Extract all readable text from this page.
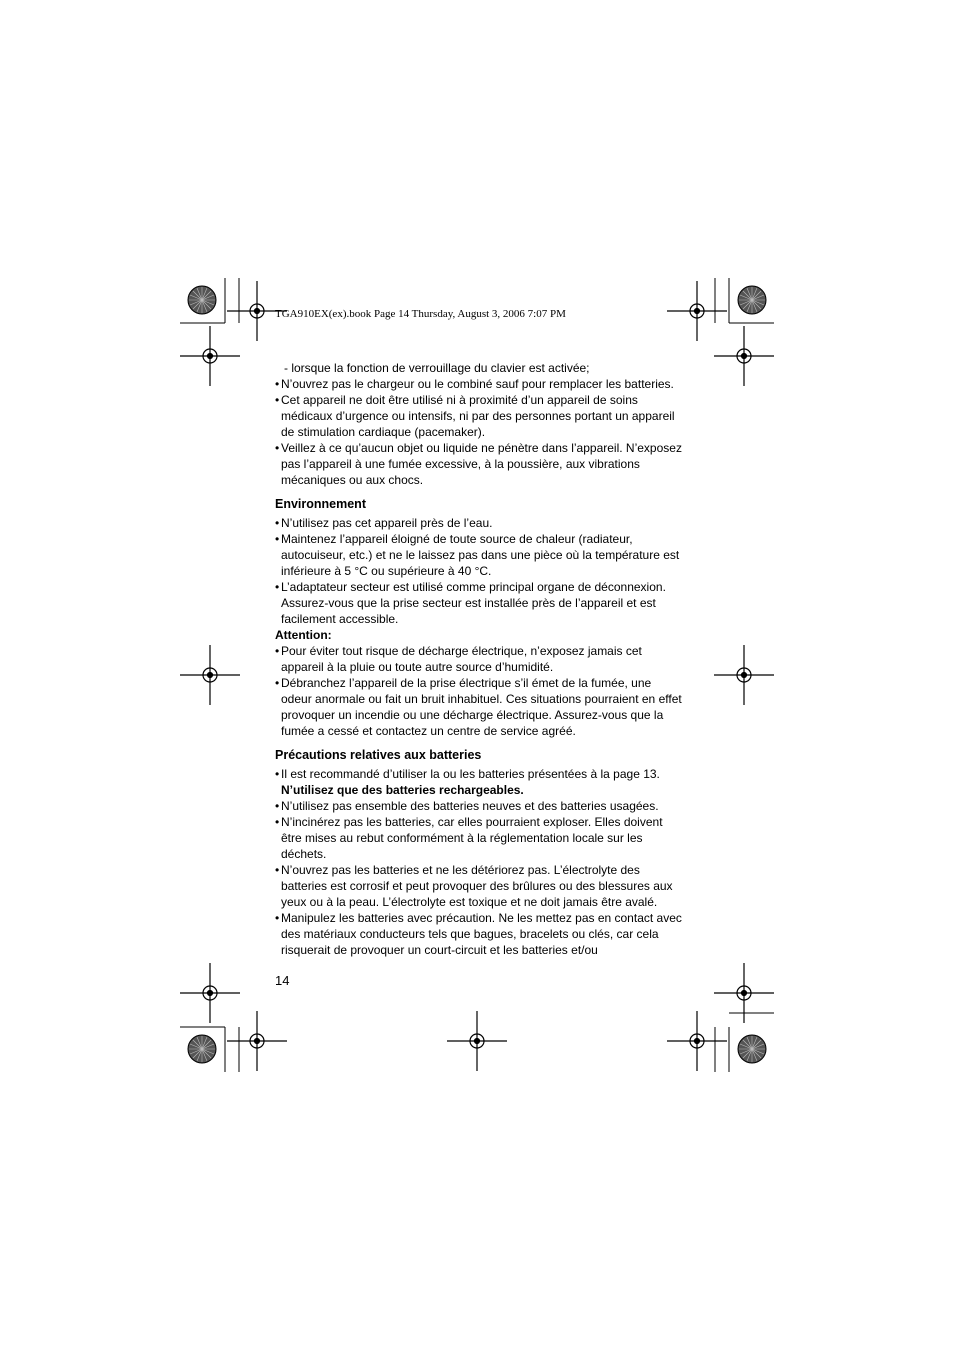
TGA910EX(ex).book Page 14 Thursday, August 3, 2006 7:07 PM
- lorsque la fonction de verrouillage du clavier est activée;
• N’ouvrez pas le chargeur ou le combiné sauf pour remplacer les batteries.
• Cet appareil ne doit être utilisé ni à proximité d’un appareil de soins médicaux d’urgence ou intensifs, ni par des personnes portant un appareil de stimulation cardiaque (pacemaker).
• Veillez à ce qu’aucun objet ou liquide ne pénètre dans l’appareil. N’exposez pas l’appareil à une fumée excessive, à la poussière, aux vibrations mécaniques ou aux chocs.
Environnement
• N’utilisez pas cet appareil près de l’eau.
• Maintenez l’appareil éloigné de toute source de chaleur (radiateur, autocuiseur, etc.) et ne le laissez pas dans une pièce où la température est inférieure à 5 °C ou supérieure à 40 °C.
• L’adaptateur secteur est utilisé comme principal organe de déconnexion. Assurez-vous que la prise secteur est installée près de l’appareil et est facilement accessible.
Attention:
• Pour éviter tout risque de décharge électrique, n’exposez jamais cet appareil à la pluie ou toute autre source d’humidité.
• Débranchez l’appareil de la prise électrique s’il émet de la fumée, une odeur anormale ou fait un bruit inhabituel. Ces situations pourraient en effet provoquer un incendie ou une décharge électrique. Assurez-vous que la fumée a cessé et contactez un centre de service agréé.
Précautions relatives aux batteries
• Il est recommandé d’utiliser la ou les batteries présentées à la page 13.
N’utilisez que des batteries rechargeables.
• N’utilisez pas ensemble des batteries neuves et des batteries usagées.
• N’incinérez pas les batteries, car elles pourraient exploser. Elles doivent être mises au rebut conformément à la réglementation locale sur les déchets.
• N’ouvrez pas les batteries et ne les détériorez pas. L’électrolyte des batteries est corrosif et peut provoquer des brûlures ou des blessures aux yeux ou à la peau. L’électrolyte est toxique et ne doit jamais être avalé.
• Manipulez les batteries avec précaution. Ne les mettez pas en contact avec des matériaux conducteurs tels que bagues, bracelets ou clés, car cela risquerait de provoquer un court-circuit et les batteries et/ou
14
